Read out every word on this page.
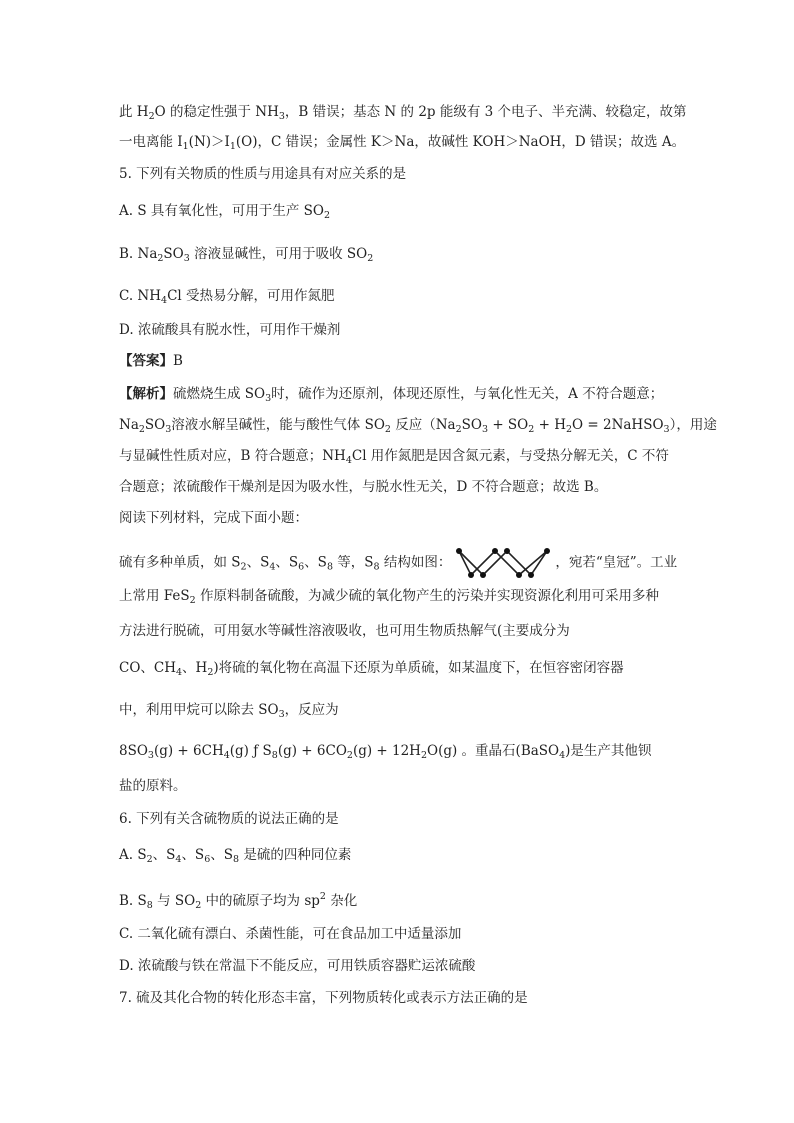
此 $H_2O$ 的稳定性强于 $NH_3$，B 错误；基态 N 的 2p 能级有 3 个电子、半充满、较稳定，故第
一电离能 $I_1(N)>I_1(O)$，C 错误；金属性 K＞Na，故碱性 KOH＞NaOH，D 错误；故选 A。
5. 下列有关物质的性质与用途具有对应关系的是
A. S 具有氧化性，可用于生产 $SO_2$
B. $Na_2SO_3$ 溶液显碱性，可用于吸收 $SO_2$
C. $NH_4Cl$ 受热易分解，可用作氮肥
D. 浓硫酸具有脱水性，可用作干燥剂
【答案】B
【解析】硫燃烧生成 $SO_3$时，硫作为还原剂，体现还原性，与氧化性无关，A 不符合题意；
$Na_2SO_3$溶液水解呈碱性，能与酸性气体 $SO_2$ 反应（$Na_2SO_3 + SO_2 + H_2O$ = 2NaHSO$_3$），用途
与显碱性性质对应，B 符合题意；$NH_4Cl$ 用作氮肥是因含氮元素，与受热分解无关，C 不符
合题意；浓硫酸作干燥剂是因为吸水性，与脱水性无关，D 不符合题意；故选 B。
阅读下列材料，完成下面小题：
硫有多种单质，如 $S_2$、$S_4$、$S_6$、$S_8$ 等，$S_8$ 结构如图：	，宛若“皇冠”。工业
上常用 FeS$_2$ 作原料制备硫酸，为减少硫的氧化物产生的污染并实现资源化利用可采用多种
方法进行脱硫，可用氨水等碱性溶液吸收，也可用生物质热解气(主要成分为
CO、$CH_4$、$H_2$)将硫的氧化物在高温下还原为单质硫，如某温度下，在恒容密闭容器
中，利用甲烷可以除去 $SO_3$，反应为
$8SO_3(g) + 6CH_4(g)$ ƒ $S_8(g) + 6CO_2(g) + 12H_2O(g)$ 。重晶石(BaSO$_4$)是生产其他钡
盐的原料。
6. 下列有关含硫物质的说法正确的是
A. $S_2$、$S_4$、$S_6$、$S_8$ 是硫的四种同位素
B. $S_8$ 与 $SO_2$ 中的硫原子均为 $sp^2$ 杂化
C. 二氧化硫有漂白、杀菌性能，可在食品加工中适量添加
D. 浓硫酸与铁在常温下不能反应，可用铁质容器贮运浓硫酸
7. 硫及其化合物的转化形态丰富，下列物质转化或表示方法正确的是
